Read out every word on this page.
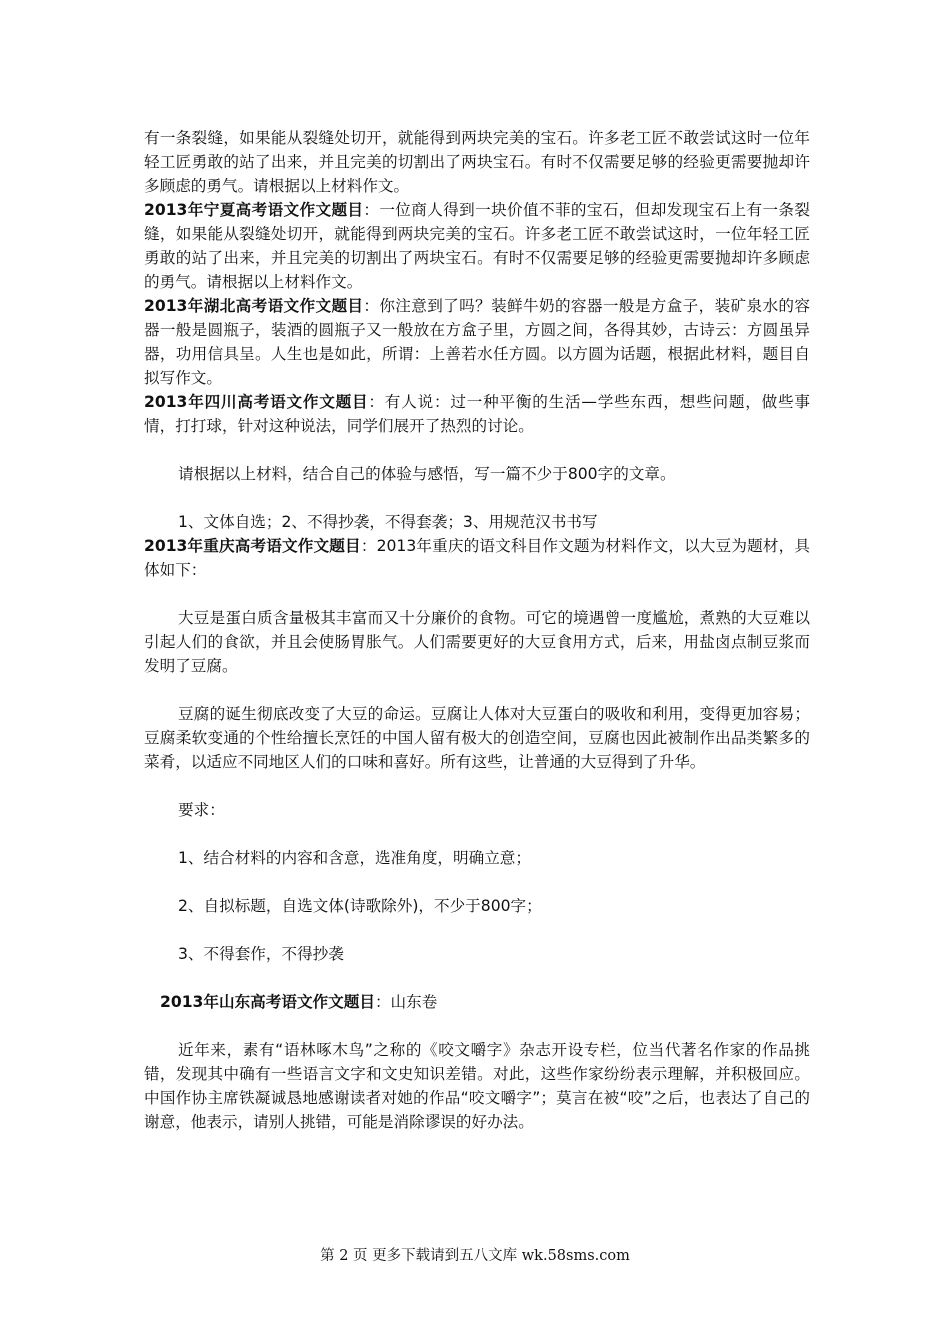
有一条裂缝，如果能从裂缝处切开，就能得到两块完美的宝石。许多老工匠不敢尝试这时一位年轻工匠勇敢的站了出来，并且完美的切割出了两块宝石。有时不仅需要足够的经验更需要抛却许多顾虑的勇气。请根据以上材料作文。

2013年宁夏高考语文作文题目：一位商人得到一块价值不菲的宝石，但却发现宝石上有一条裂缝，如果能从裂缝处切开，就能得到两块完美的宝石。许多老工匠不敢尝试这时，一位年轻工匠勇敢的站了出来，并且完美的切割出了两块宝石。有时不仅需要足够的经验更需要抛却许多顾虑的勇气。请根据以上材料作文。

2013年湖北高考语文作文题目：你注意到了吗？装鲜牛奶的容器一般是方盒子，装矿泉水的容器一般是圆瓶子，装酒的圆瓶子又一般放在方盒子里，方圆之间，各得其妙，古诗云：方圆虽异器，功用信具呈。人生也是如此，所谓：上善若水任方圆。以方圆为话题，根据此材料，题目自拟写作文。

2013年四川高考语文作文题目：有人说：过一种平衡的生活—学些东西，想些问题，做些事情，打打球，针对这种说法，同学们展开了热烈的讨论。

请根据以上材料，结合自己的体验与感悟，写一篇不少于800字的文章。

1、文体自选；2、不得抄袭，不得套袭；3、用规范汉书书写

2013年重庆高考语文作文题目：2013年重庆的语文科目作文题为材料作文，以大豆为题材，具体如下：

大豆是蛋白质含量极其丰富而又十分廉价的食物。可它的境遇曾一度尴尬，煮熟的大豆难以引起人们的食欲，并且会使肠胃胀气。人们需要更好的大豆食用方式，后来，用盐卤点制豆浆而发明了豆腐。

豆腐的诞生彻底改变了大豆的命运。豆腐让人体对大豆蛋白的吸收和利用，变得更加容易；豆腐柔软变通的个性给擅长烹饪的中国人留有极大的创造空间，豆腐也因此被制作出品类繁多的菜肴，以适应不同地区人们的口味和喜好。所有这些，让普通的大豆得到了升华。

要求：

1、结合材料的内容和含意，选准角度，明确立意；

2、自拟标题，自选文体(诗歌除外)，不少于800字；

3、不得套作，不得抄袭

2013年山东高考语文作文题目：山东卷

近年来，素有“语林啄木鸟”之称的《咬文嚼字》杂志开设专栏，位当代著名作家的作品挑错，发现其中确有一些语言文字和文史知识差错。对此，这些作家纷纷表示理解，并积极回应。中国作协主席铁凝诚恳地感谢读者对她的作品“咬文嚼字”；莫言在被“咬”之后，也表达了自己的谢意，他表示，请别人挑错，可能是消除谬误的好办法。

第 2 页 更多下载请到五八文库 wk.58sms.com
